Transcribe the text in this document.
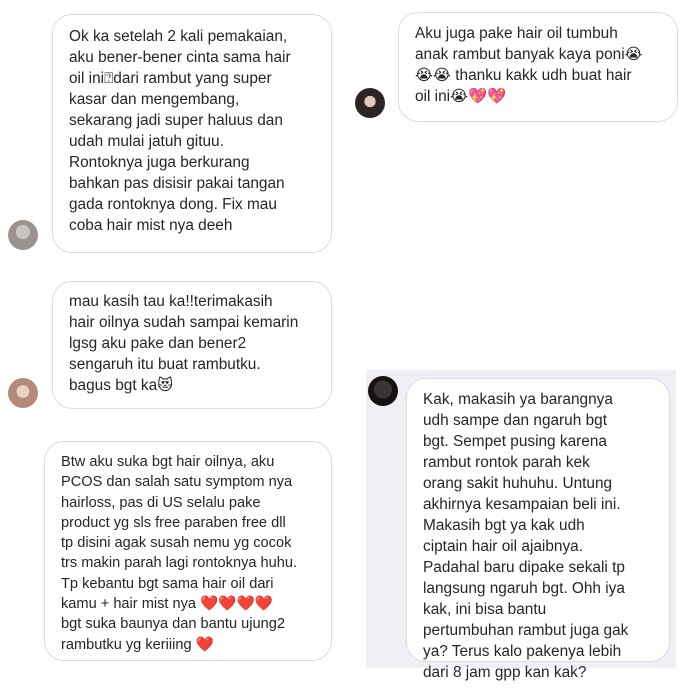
Ok ka setelah 2 kali pemakaian,
aku bener-bener cinta sama hair
oil ini⍰dari rambut yang super
kasar dan mengembang,
sekarang jadi super haluus dan
udah mulai jatuh gituu.
Rontoknya juga berkurang
bahkan pas disisir pakai tangan
gada rontoknya dong. Fix mau
coba hair mist nya deeh
Aku juga pake hair oil tumbuh
anak rambut banyak kaya poni😭
😭😭 thanku kakk udh buat hair
oil ini😭💖💖
mau kasih tau ka!!terimakasih
hair oilnya sudah sampai kemarin
lgsg aku pake dan bener2
sengaruh itu buat rambutku.
bagus bgt ka😻
Btw aku suka bgt hair oilnya, aku
PCOS dan salah satu symptom nya
hairloss, pas di US selalu pake
product yg sls free paraben free dll
tp disini agak susah nemu yg cocok
trs makin parah lagi rontoknya huhu.
Tp kebantu bgt sama hair oil dari
kamu + hair mist nya ❤️❤️❤️❤️
bgt suka baunya dan bantu ujung2
rambutku yg keriiing ❤️
Kak, makasih ya barangnya
udh sampe dan ngaruh bgt
bgt. Sempet pusing karena
rambut rontok parah kek
orang sakit huhuhu. Untung
akhirnya kesampaian beli ini.
Makasih bgt ya kak udh
ciptain hair oil ajaibnya.
Padahal baru dipake sekali tp
langsung ngaruh bgt. Ohh iya
kak, ini bisa bantu
pertumbuhan rambut juga gak
ya? Terus kalo pakenya lebih
dari 8 jam gpp kan kak?
